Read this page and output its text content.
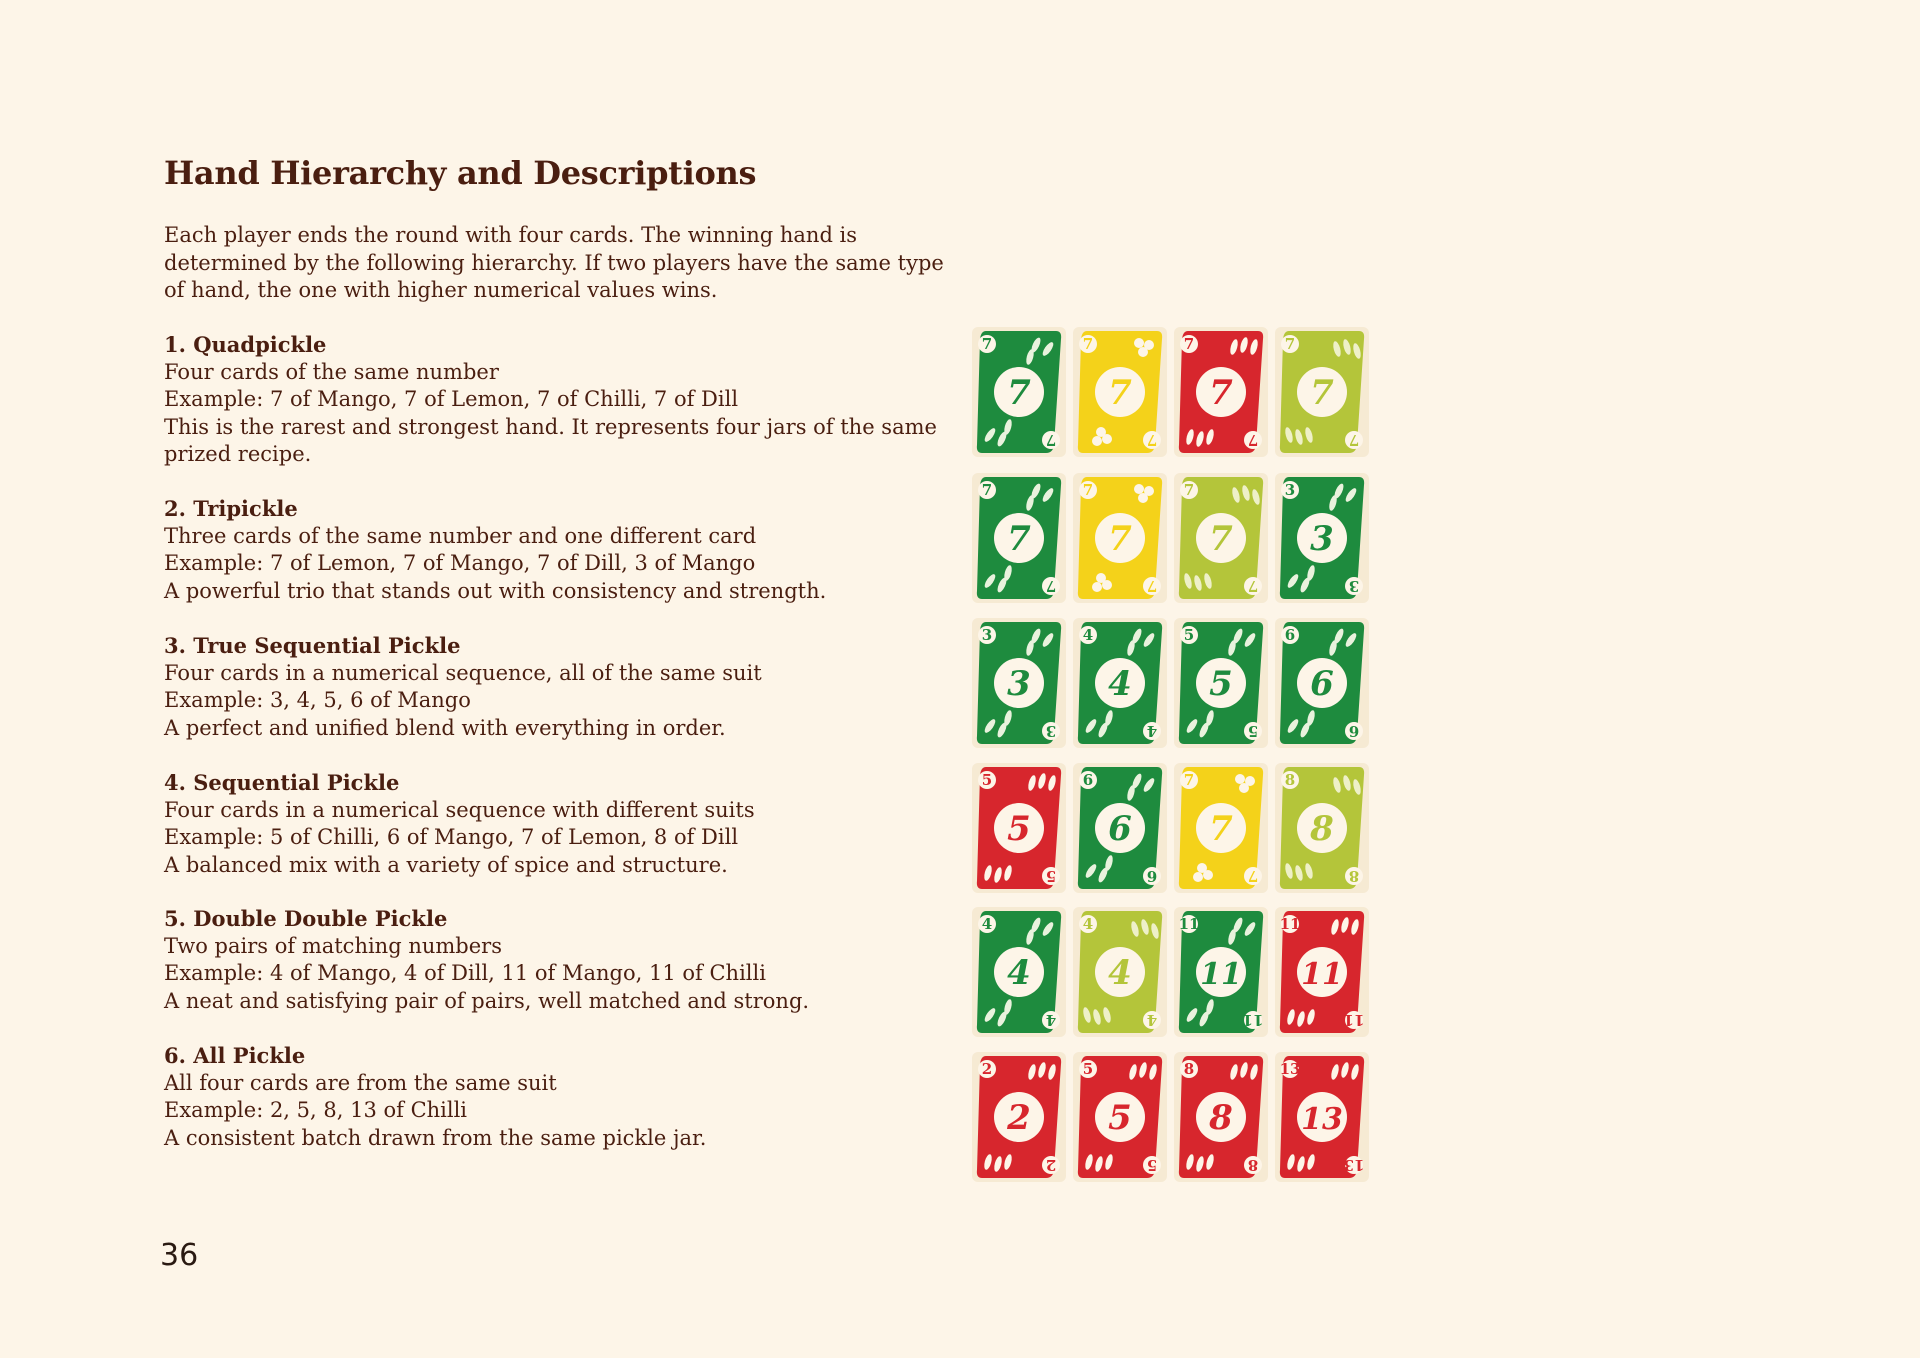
Hand Hierarchy and Descriptions

Each player ends the round with four cards. The winning hand is determined by the following hierarchy. If two players have the same type of hand, the one with higher numerical values wins.

1. Quadpickle
Four cards of the same number
Example: 7 of Mango, 7 of Lemon, 7 of Chilli, 7 of Dill
This is the rarest and strongest hand. It represents four jars of the same prized recipe.
2. Tripickle
Three cards of the same number and one different card
Example: 7 of Lemon, 7 of Mango, 7 of Dill, 3 of Mango
A powerful trio that stands out with consistency and strength.
3. True Sequential Pickle
Four cards in a numerical sequence, all of the same suit
Example: 3, 4, 5, 6 of Mango
A perfect and unified blend with everything in order.
4. Sequential Pickle
Four cards in a numerical sequence with different suits
Example: 5 of Chilli, 6 of Mango, 7 of Lemon, 8 of Dill
A balanced mix with a variety of spice and structure.
5. Double Double Pickle
Two pairs of matching numbers
Example: 4 of Mango, 4 of Dill, 11 of Mango, 11 of Chilli
A neat and satisfying pair of pairs, well matched and strong.
6. All Pickle
All four cards are from the same suit
Example: 2, 5, 8, 13 of Chilli
A consistent batch drawn from the same pickle jar.
7
7
7
7
7
7
7
7
7
7
7
7
7
7
7
7
7
7
7
7
7
3
3
3
3
3
3
4
4
4
5
5
5
6
6
6
5
5
5
6
6
6
7
7
7
8
8
8
4
4
4
4
4
4
11
11
11
11
11
11
2
2
2
5
5
5
8
8
8
13
13
13
36
